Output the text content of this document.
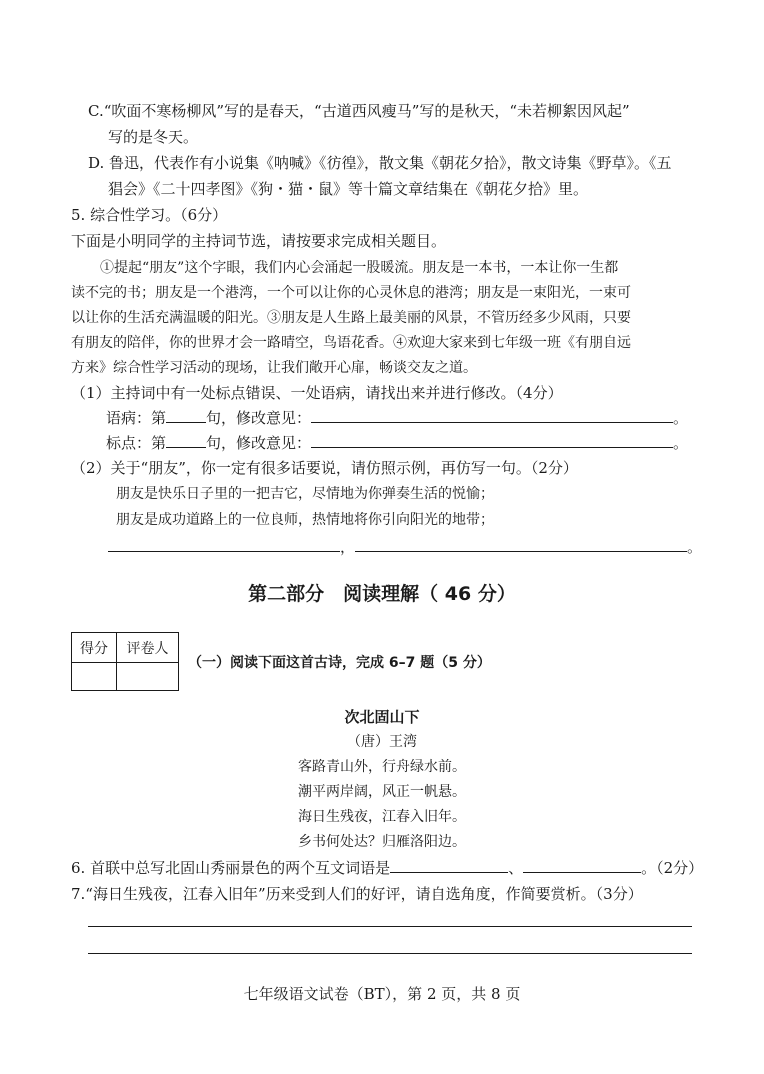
C.“吹面不寒杨柳风”写的是春天，“古道西风瘦马”写的是秋天，“未若柳絮因风起”
写的是冬天。
D. 鲁迅，代表作有小说集《呐喊》《彷徨》，散文集《朝花夕拾》，散文诗集《野草》。《五
猖会》《二十四孝图》《狗・猫・鼠》等十篇文章结集在《朝花夕拾》里。
5. 综合性学习。（6分）
下面是小明同学的主持词节选，请按要求完成相关题目。
①提起“朋友”这个字眼，我们内心会涌起一股暖流。朋友是一本书，一本让你一生都
读不完的书；朋友是一个港湾，一个可以让你的心灵休息的港湾；朋友是一束阳光，一束可
以让你的生活充满温暖的阳光。③朋友是人生路上最美丽的风景，不管历经多少风雨，只要
有朋友的陪伴，你的世界才会一路晴空，鸟语花香。④欢迎大家来到七年级一班《有朋自远
方来》综合性学习活动的现场，让我们敞开心扉，畅谈交友之道。
（1）主持词中有一处标点错误、一处语病，请找出来并进行修改。（4分）
语病：第	句，修改意见：	。
标点：第	句，修改意见：	。
（2）关于“朋友”，你一定有很多话要说，请仿照示例，再仿写一句。（2分）
朋友是快乐日子里的一把吉它，尽情地为你弹奏生活的悦愉；
朋友是成功道路上的一位良师，热情地将你引向阳光的地带；
，	。
第二部分　阅读理解（ 46 分）
得分	评卷人

（一）阅读下面这首古诗，完成 6–7 题（5 分）
次北固山下
（唐）王湾
客路青山外，行舟绿水前。
潮平两岸阔，风正一帆悬。
海日生残夜，江春入旧年。
乡书何处达？归雁洛阳边。
6. 首联中总写北固山秀丽景色的两个互文词语是	、	。（2分）
7.“海日生残夜，江春入旧年”历来受到人们的好评，请自选角度，作简要赏析。（3分）
七年级语文试卷（BT），第 2 页，共 8 页
